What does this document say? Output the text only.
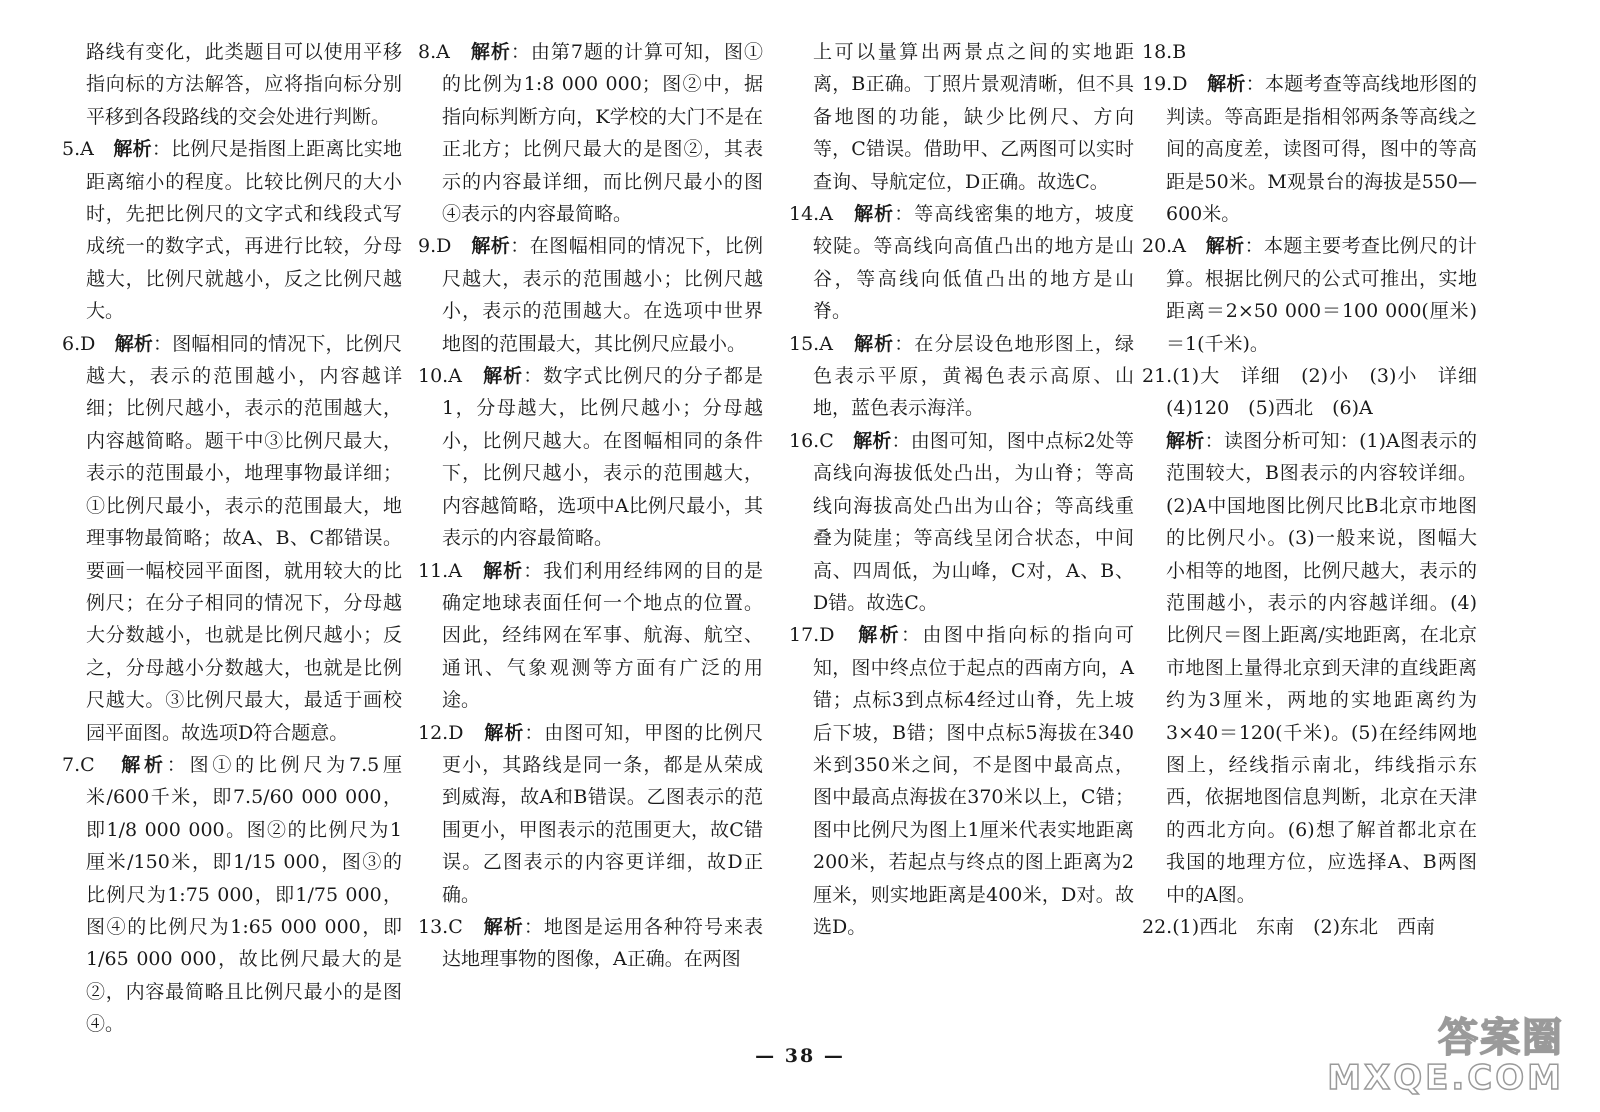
路线有变化，此类题目可以使用平移指向标的方法解答，应将指向标分别平移到各段路线的交会处进行判断。

5.A　 解析：比例尺是指图上距离比实地距离缩小的程度。比较比例尺的大小时，先把比例尺的文字式和线段式写成统一的数字式，再进行比较，分母越大，比例尺就越小，反之比例尺越大。

6.D　 解析：图幅相同的情况下，比例尺越大，表示的范围越小，内容越详细；比例尺越小，表示的范围越大，内容越简略。题干中③比例尺最大，表示的范围最小，地理事物最详细；①比例尺最小，表示的范围最大，地理事物最简略；故A、B、C都错误。要画一幅校园平面图，就用较大的比例尺；在分子相同的情况下，分母越大分数越小，也就是比例尺越小；反之，分母越小分数越大，也就是比例尺越大。③比例尺最大，最适于画校园平面图。故选项D符合题意。

7.C　 解析：图①的比例尺为7.5厘米/600千米，即7.5/60 000 000，即1/8 000 000。图②的比例尺为1厘米/150米，即1/15 000，图③的比例尺为1:75 000，即1/75 000，图④的比例尺为1:65 000 000，即1/65 000 000，故比例尺最大的是②，内容最简略且比例尺最小的是图④。

8.A　 解析：由第7题的计算可知，图①的比例为1:8 000 000；图②中，据指向标判断方向，K学校的大门不是在正北方；比例尺最大的是图②，其表示的内容最详细，而比例尺最小的图④表示的内容最简略。

9.D　 解析：在图幅相同的情况下，比例尺越大，表示的范围越小；比例尺越小，表示的范围越大。在选项中世界地图的范围最大，其比例尺应最小。

10.A　 解析：数字式比例尺的分子都是1，分母越大，比例尺越小；分母越小，比例尺越大。在图幅相同的条件下，比例尺越小，表示的范围越大，内容越简略，选项中A比例尺最小，其表示的内容最简略。

11.A　 解析：我们利用经纬网的目的是确定地球表面任何一个地点的位置。因此，经纬网在军事、航海、航空、通讯、气象观测等方面有广泛的用途。

12.D　 解析：由图可知，甲图的比例尺更小，其路线是同一条，都是从荣成到威海，故A和B错误。乙图表示的范围更小，甲图表示的范围更大，故C错误。乙图表示的内容更详细，故D正确。

13.C　 解析：地图是运用各种符号来表达地理事物的图像，A正确。在两图

上可以量算出两景点之间的实地距离，B正确。丁照片景观清晰，但不具备地图的功能，缺少比例尺、方向等，C错误。借助甲、乙两图可以实时查询、导航定位，D正确。故选C。

14.A　 解析：等高线密集的地方，坡度较陡。等高线向高值凸出的地方是山谷，等高线向低值凸出的地方是山脊。

15.A　 解析：在分层设色地形图上，绿色表示平原，黄褐色表示高原、山地，蓝色表示海洋。

16.C　 解析：由图可知，图中点标2处等高线向海拔低处凸出，为山脊；等高线向海拔高处凸出为山谷；等高线重叠为陡崖；等高线呈闭合状态，中间高、四周低，为山峰，C对，A、B、D错。故选C。

17.D　 解析：由图中指向标的指向可知，图中终点位于起点的西南方向，A错；点标3到点标4经过山脊，先上坡后下坡，B错；图中点标5海拔在340米到350米之间，不是图中最高点，图中最高点海拔在370米以上，C错；图中比例尺为图上1厘米代表实地距离200米，若起点与终点的图上距离为2厘米，则实地距离是400米，D对。故选D。

18.B

19.D　 解析：本题考查等高线地形图的判读。等高距是指相邻两条等高线之间的高度差，读图可得，图中的等高距是50米。M观景台的海拔是550—600米。

20.A　 解析：本题主要考查比例尺的计算。根据比例尺的公式可推出，实地距离＝2×50 000＝100 000(厘米)＝1(千米)。

21.(1)大　详细　(2)小　(3)小　详细　(4)120　(5)西北　(6)A

解析：读图分析可知：(1)A图表示的范围较大，B图表示的内容较详细。(2)A中国地图比例尺比B北京市地图的比例尺小。(3)一般来说，图幅大小相等的地图，比例尺越大，表示的范围越小，表示的内容越详细。(4)比例尺＝图上距离/实地距离，在北京市地图上量得北京到天津的直线距离约为3厘米，两地的实地距离约为3×40＝120(千米)。(5)在经纬网地图上，经线指示南北，纬线指示东西，依据地图信息判断，北京在天津的西北方向。(6)想了解首都北京在我国的地理方位，应选择A、B两图中的A图。

22.(1)西北　东南　(2)东北　西南

— 38 —	答案圈
MXQE.COM
